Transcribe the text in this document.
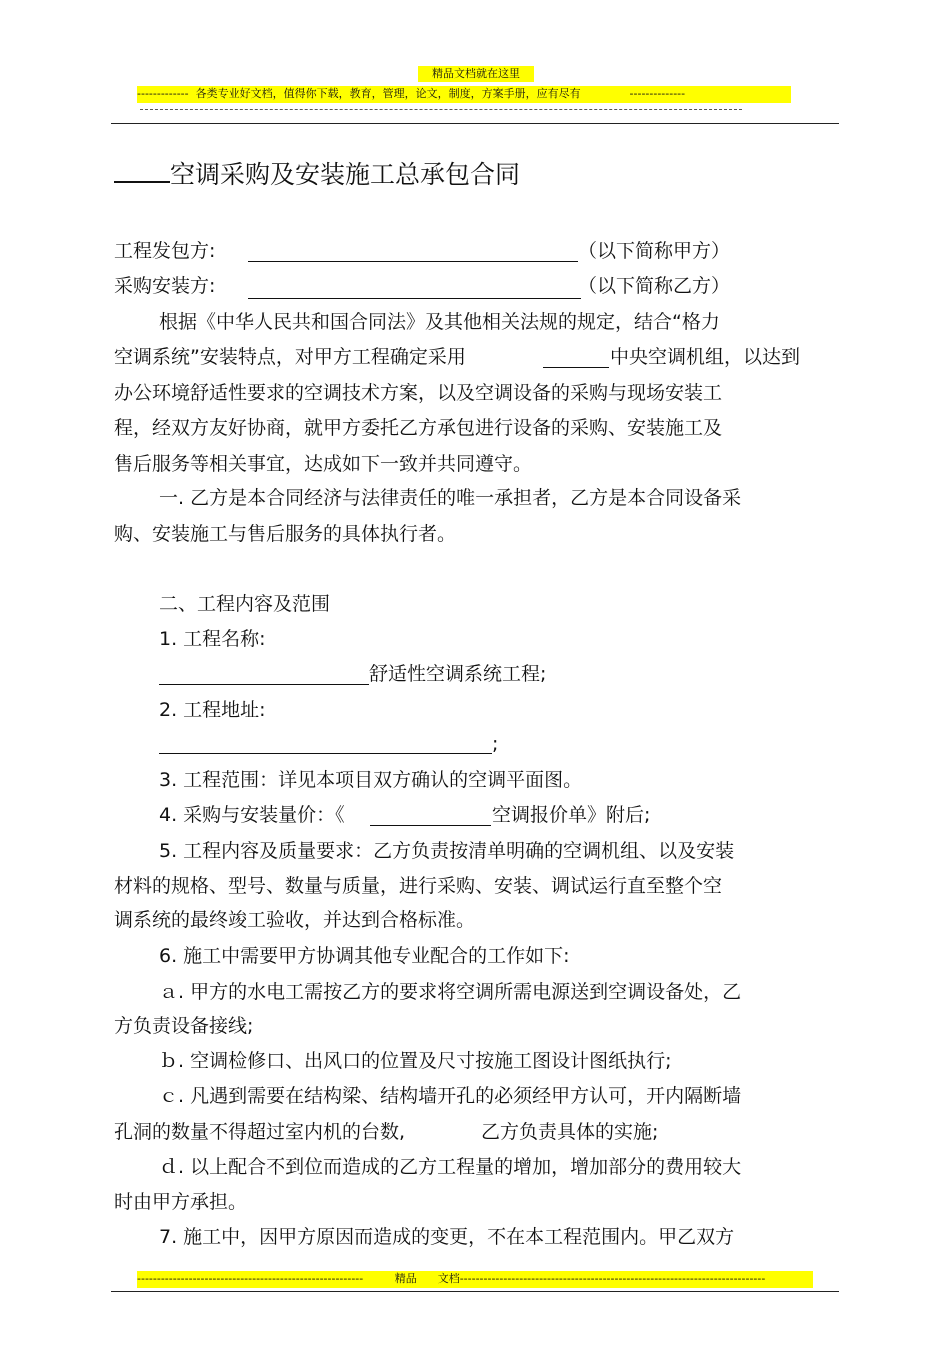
精品文档就在这里
-------------  各类专业好文档，值得你下载，教育，管理，论文，制度，方案手册，应有尽有              --------------
空调采购及安装施工总承包合同
工程发包方:	（以下简称甲方）
采购安装方:	（以下简称乙方）
根据《中华人民共和国合同法》及其他相关法规的规定，结合“格力
空调系统”安装特点，对甲方工程确定采用	中央空调机组，以达到
办公环境舒适性要求的空调技术方案，以及空调设备的采购与现场安装工
程，经双方友好协商，就甲方委托乙方承包进行设备的采购、安装施工及
售后服务等相关事宜，达成如下一致并共同遵守。
一. 乙方是本合同经济与法律责任的唯一承担者，乙方是本合同设备采
购、安装施工与售后服务的具体执行者。
二、工程内容及范围
1. 工程名称:
舒适性空调系统工程;
2. 工程地址:
;
3. 工程范围：详见本项目双方确认的空调平面图。
4. 采购与安装量价：《	空调报价单》附后;
5. 工程内容及质量要求：乙方负责按清单明确的空调机组、以及安装
材料的规格、型号、数量与质量，进行采购、安装、调试运行直至整个空
调系统的最终竣工验收，并达到合格标准。
6. 施工中需要甲方协调其他专业配合的工作如下:
ａ. 甲方的水电工需按乙方的要求将空调所需电源送到空调设备处，乙
方负责设备接线;
ｂ. 空调检修口、出风口的位置及尺寸按施工图设计图纸执行;
ｃ. 凡遇到需要在结构梁、结构墙开孔的必须经甲方认可，开内隔断墙
孔洞的数量不得超过室内机的台数,	乙方负责具体的实施;
ｄ. 以上配合不到位而造成的乙方工程量的增加，增加部分的费用较大
时由甲方承担。
7. 施工中，因甲方原因而造成的变更，不在本工程范围内。甲乙双方
---------------------------------------------------------         精品      文档-----------------------------------------------------------------------------
